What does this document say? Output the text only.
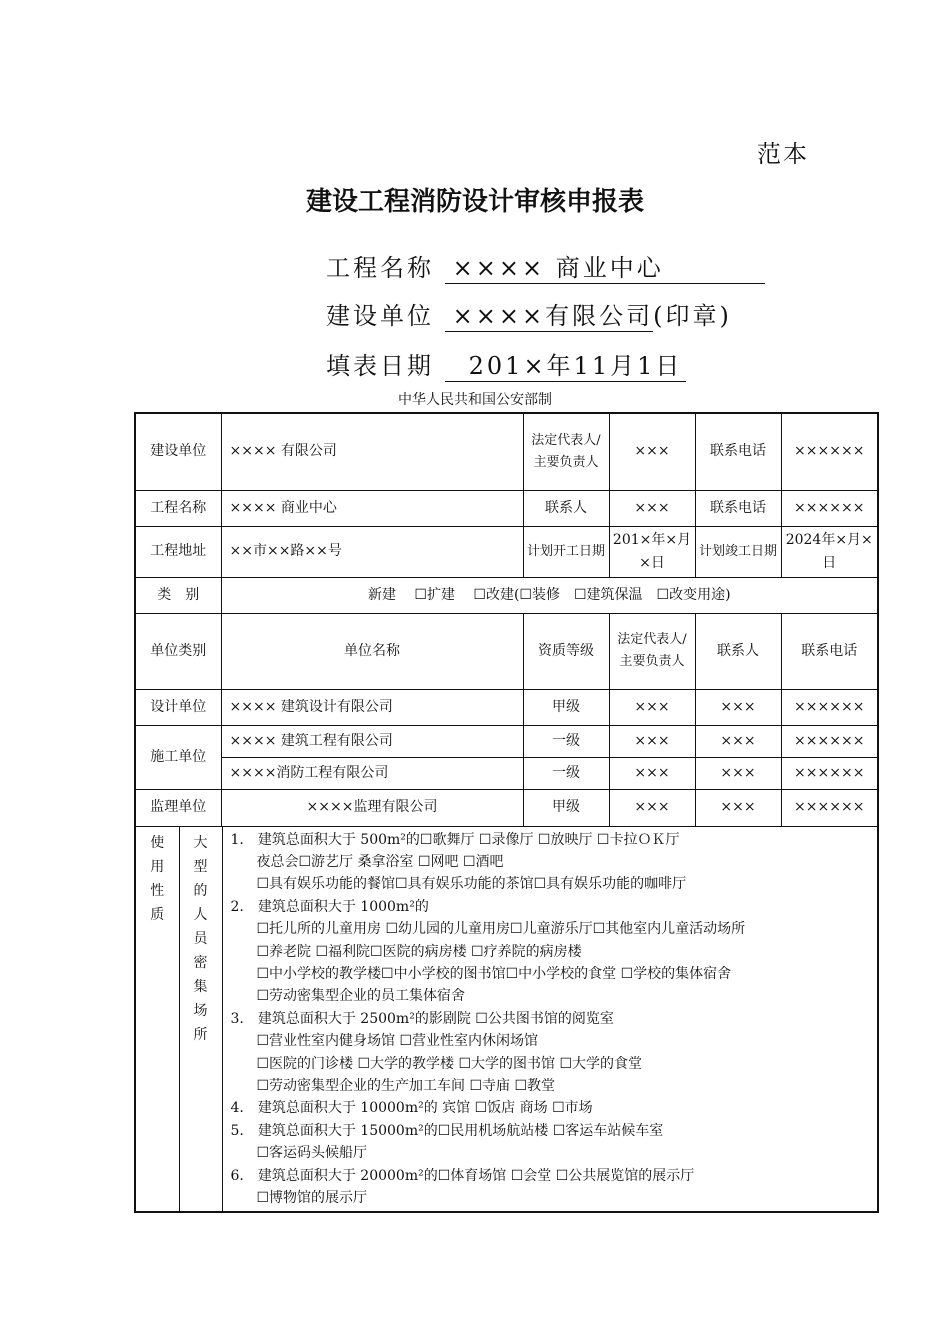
范本
建设工程消防设计审核申报表
工程名称 ×××× 商业中心
建设单位 ××××有限公司(印章)
填表日期 201×年11月1日
中华人民共和国公安部制
建设单位	×××× 有限公司	法定代表人/主要负责人	×××	联系电话	××××××
工程名称	×××× 商业中心	联系人	×××	联系电话	××××××
工程地址	××市××路××号	计划开工日期	201×年×月×日	计划竣工日期	2024年×月×日
类　别	新建　 ☐扩建　 ☐改建(☐装修　☐建筑保温　☐改变用途)
单位类别	单位名称	资质等级	法定代表人/主要负责人	联系人	联系电话
设计单位	×××× 建筑设计有限公司	甲级	×××	×××	××××××
施工单位	×××× 建筑工程有限公司	一级	×××	×××	××××××
××××消防工程有限公司	一级	×××	×××	××××××
监理单位	××××监理有限公司	甲级	×××	×××	××××××

使
用
性
质

大
型
的
人
员
密
集
场
所

1.　建筑总面积大于 500m²的☐歌舞厅 ☐录像厅 ☐放映厅 ☐卡拉ＯＫ厅
夜总会☐游艺厅 桑拿浴室 ☐网吧 ☐酒吧
☐具有娱乐功能的餐馆☐具有娱乐功能的茶馆☐具有娱乐功能的咖啡厅
2.　建筑总面积大于 1000m²的
☐托儿所的儿童用房 ☐幼儿园的儿童用房☐儿童游乐厅☐其他室内儿童活动场所
☐养老院 ☐福利院☐医院的病房楼 ☐疗养院的病房楼
☐中小学校的教学楼☐中小学校的图书馆☐中小学校的食堂 ☐学校的集体宿舍
☐劳动密集型企业的员工集体宿舍
3.　建筑总面积大于 2500m²的影剧院 ☐公共图书馆的阅览室
☐营业性室内健身场馆 ☐营业性室内休闲场馆
☐医院的门诊楼 ☐大学的教学楼 ☐大学的图书馆 ☐大学的食堂
☐劳动密集型企业的生产加工车间 ☐寺庙 ☐教堂
4.　建筑总面积大于 10000m²的 宾馆 ☐饭店 商场 ☐市场
5.　建筑总面积大于 15000m²的☐民用机场航站楼 ☐客运车站候车室
☐客运码头候船厅
6.　建筑总面积大于 20000m²的☐体育场馆 ☐会堂 ☐公共展览馆的展示厅
☐博物馆的展示厅
